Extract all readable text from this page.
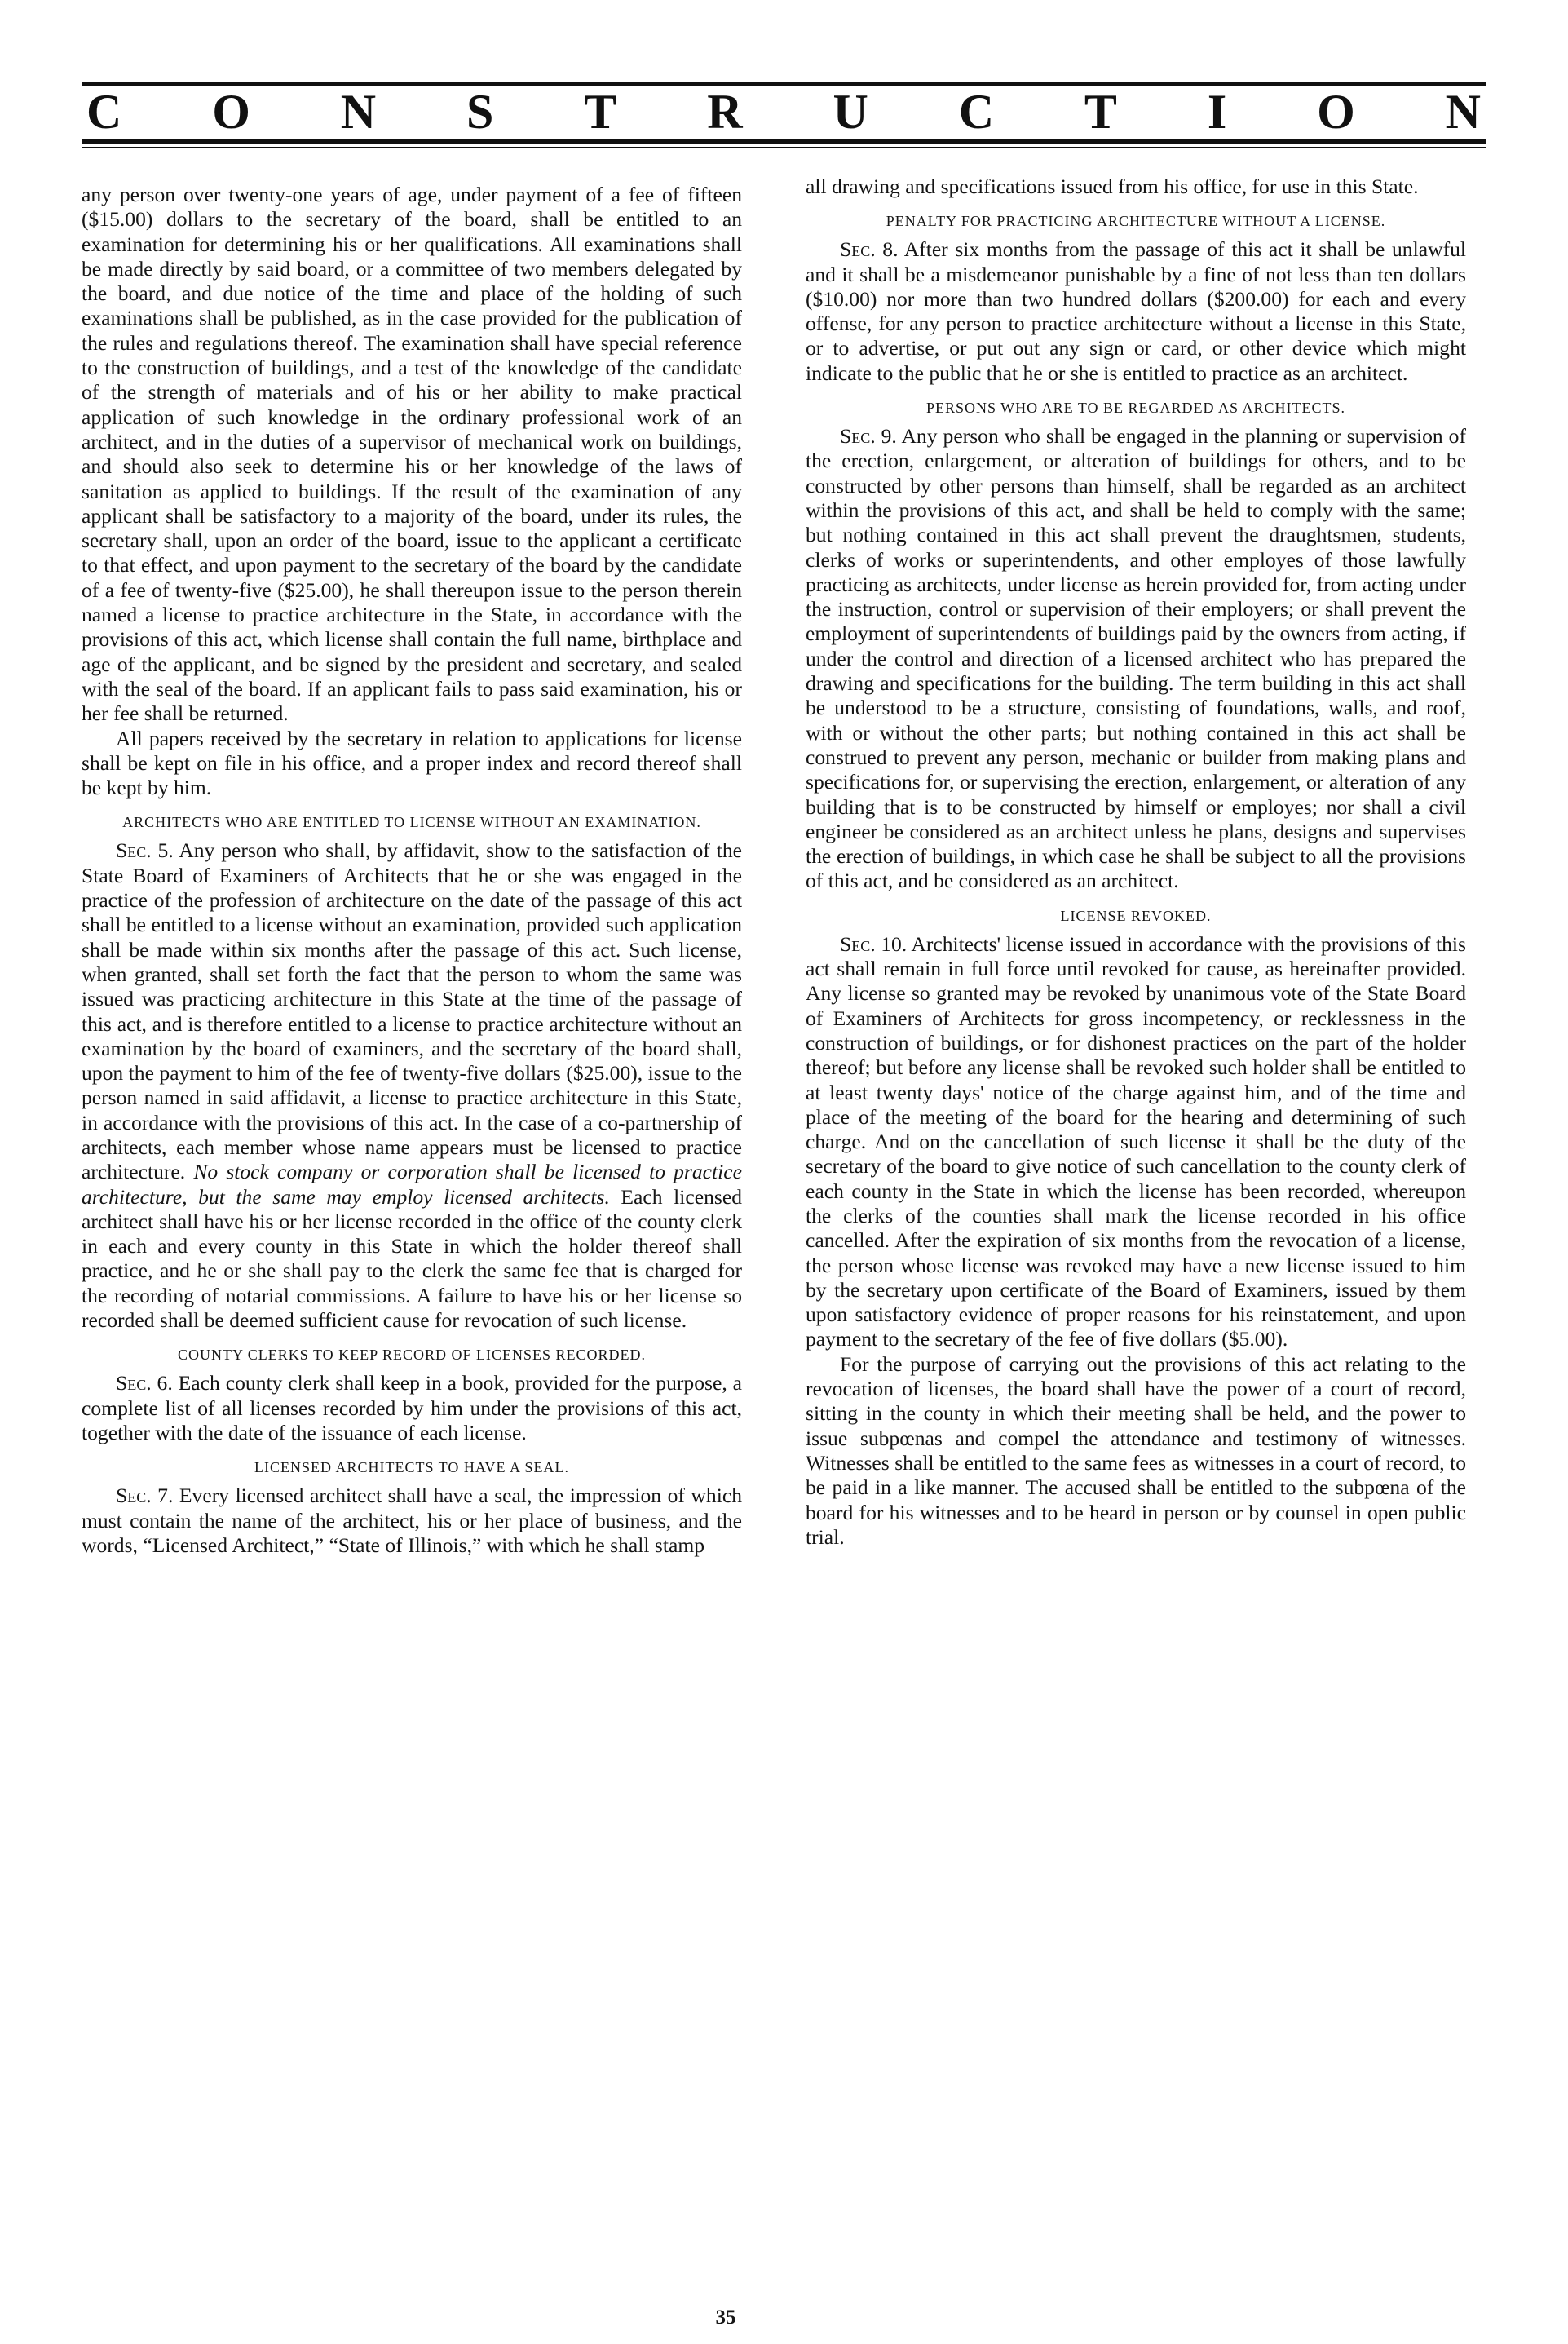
C O N S T R U C T I O N

any person over twenty-one years of age, under payment of a fee of fifteen ($15.00) dollars to the secretary of the board, shall be entitled to an examination for determining his or her qualifications. All examinations shall be made directly by said board, or a committee of two members delegated by the board, and due notice of the time and place of the holding of such examinations shall be published, as in the case provided for the publication of the rules and regulations thereof. The examination shall have special reference to the construction of buildings, and a test of the knowledge of the candidate of the strength of materials and of his or her ability to make practical application of such knowledge in the ordinary professional work of an architect, and in the duties of a supervisor of mechanical work on buildings, and should also seek to determine his or her knowledge of the laws of sanitation as applied to buildings. If the result of the examination of any applicant shall be satisfactory to a majority of the board, under its rules, the secretary shall, upon an order of the board, issue to the applicant a certificate to that effect, and upon payment to the secretary of the board by the candidate of a fee of twenty-five ($25.00), he shall thereupon issue to the person therein named a license to practice architecture in the State, in accordance with the provisions of this act, which license shall contain the full name, birthplace and age of the applicant, and be signed by the president and secretary, and sealed with the seal of the board. If an applicant fails to pass said examination, his or her fee shall be returned.

All papers received by the secretary in relation to applications for license shall be kept on file in his office, and a proper index and record thereof shall be kept by him.

ARCHITECTS WHO ARE ENTITLED TO LICENSE WITHOUT AN EXAMINATION.

Sec. 5. Any person who shall, by affidavit, show to the satisfaction of the State Board of Examiners of Architects that he or she was engaged in the practice of the profession of architecture on the date of the passage of this act shall be entitled to a license without an examination, provided such application shall be made within six months after the passage of this act. Such license, when granted, shall set forth the fact that the person to whom the same was issued was practicing architecture in this State at the time of the passage of this act, and is therefore entitled to a license to practice architecture without an examination by the board of examiners, and the secretary of the board shall, upon the payment to him of the fee of twenty-five dollars ($25.00), issue to the person named in said affidavit, a license to practice architecture in this State, in accordance with the provisions of this act. In the case of a co-partnership of architects, each member whose name appears must be licensed to practice architecture. No stock company or corporation shall be licensed to practice architecture, but the same may employ licensed architects. Each licensed architect shall have his or her license recorded in the office of the county clerk in each and every county in this State in which the holder thereof shall practice, and he or she shall pay to the clerk the same fee that is charged for the recording of notarial commissions. A failure to have his or her license so recorded shall be deemed sufficient cause for revocation of such license.

COUNTY CLERKS TO KEEP RECORD OF LICENSES RECORDED.

Sec. 6. Each county clerk shall keep in a book, provided for the purpose, a complete list of all licenses recorded by him under the provisions of this act, together with the date of the issuance of each license.

LICENSED ARCHITECTS TO HAVE A SEAL.

Sec. 7. Every licensed architect shall have a seal, the impression of which must contain the name of the architect, his or her place of business, and the words, “Licensed Architect,” “State of Illinois,” with which he shall stamp

all drawing and specifications issued from his office, for use in this State.

PENALTY FOR PRACTICING ARCHITECTURE WITHOUT A LICENSE.

Sec. 8. After six months from the passage of this act it shall be unlawful and it shall be a misdemeanor punishable by a fine of not less than ten dollars ($10.00) nor more than two hundred dollars ($200.00) for each and every offense, for any person to practice architecture without a license in this State, or to advertise, or put out any sign or card, or other device which might indicate to the public that he or she is entitled to practice as an architect.

PERSONS WHO ARE TO BE REGARDED AS ARCHITECTS.

Sec. 9. Any person who shall be engaged in the planning or supervision of the erection, enlargement, or alteration of buildings for others, and to be constructed by other persons than himself, shall be regarded as an architect within the provisions of this act, and shall be held to comply with the same; but nothing contained in this act shall prevent the draughtsmen, students, clerks of works or superintendents, and other employes of those lawfully practicing as architects, under license as herein provided for, from acting under the instruction, control or supervision of their employers; or shall prevent the employment of superintendents of buildings paid by the owners from acting, if under the control and direction of a licensed architect who has prepared the drawing and specifications for the building. The term building in this act shall be understood to be a structure, consisting of foundations, walls, and roof, with or without the other parts; but nothing contained in this act shall be construed to prevent any person, mechanic or builder from making plans and specifications for, or supervising the erection, enlargement, or alteration of any building that is to be constructed by himself or employes; nor shall a civil engineer be considered as an architect unless he plans, designs and supervises the erection of buildings, in which case he shall be subject to all the provisions of this act, and be considered as an architect.

LICENSE REVOKED.

Sec. 10. Architects' license issued in accordance with the provisions of this act shall remain in full force until revoked for cause, as hereinafter provided. Any license so granted may be revoked by unanimous vote of the State Board of Examiners of Architects for gross incompetency, or recklessness in the construction of buildings, or for dishonest practices on the part of the holder thereof; but before any license shall be revoked such holder shall be entitled to at least twenty days' notice of the charge against him, and of the time and place of the meeting of the board for the hearing and determining of such charge. And on the cancellation of such license it shall be the duty of the secretary of the board to give notice of such cancellation to the county clerk of each county in the State in which the license has been recorded, whereupon the clerks of the counties shall mark the license recorded in his office cancelled. After the expiration of six months from the revocation of a license, the person whose license was revoked may have a new license issued to him by the secretary upon certificate of the Board of Examiners, issued by them upon satisfactory evidence of proper reasons for his reinstatement, and upon payment to the secretary of the fee of five dollars ($5.00).

For the purpose of carrying out the provisions of this act relating to the revocation of licenses, the board shall have the power of a court of record, sitting in the county in which their meeting shall be held, and the power to issue subpœnas and compel the attendance and testimony of witnesses. Witnesses shall be entitled to the same fees as witnesses in a court of record, to be paid in a like manner. The accused shall be entitled to the subpœna of the board for his witnesses and to be heard in person or by counsel in open public trial.

35
